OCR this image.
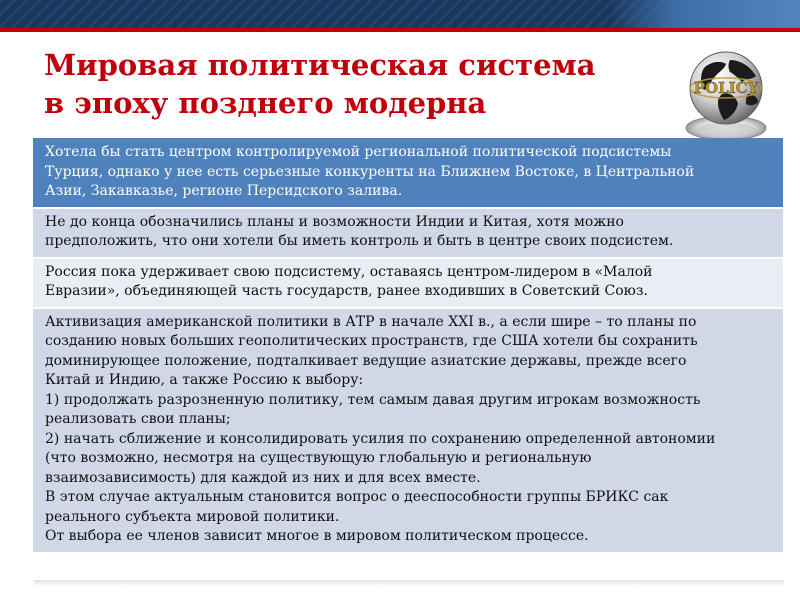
Мировая политическая система
в эпоху позднего модерна	POLICY
Хотела бы стать центром контролируемой региональной политической подсистемы
Турция, однако у нее есть серьезные конкуренты на Ближнем Востоке, в Центральной
Азии, Закавказье, регионе Персидского залива.
Не до конца обозначились планы и возможности Индии и Китая, хотя можно
предположить, что они хотели бы иметь контроль и быть в центре своих подсистем.
Россия пока удерживает свою подсистему, оставаясь центром-лидером в «Малой
Евразии», объединяющей часть государств, ранее входивших в Советский Союз.
Активизация американской политики в АТР в начале XXI в., а если шире – то планы по
созданию новых больших геополитических пространств, где США хотели бы сохранить
доминирующее положение, подталкивает ведущие азиатские державы, прежде всего
Китай и Индию, а также Россию к выбору:
1) продолжать разрозненную политику, тем самым давая другим игрокам возможность
реализовать свои планы;
2) начать сближение и консолидировать усилия по сохранению определенной автономии
(что возможно, несмотря на существующую глобальную и региональную
взаимозависимость) для каждой из них и для всех вместе.
В этом случае актуальным становится вопрос о дееспособности группы БРИКС сак
реального субъекта мировой политики.
От выбора ее членов зависит многое в мировом политическом процессе.
